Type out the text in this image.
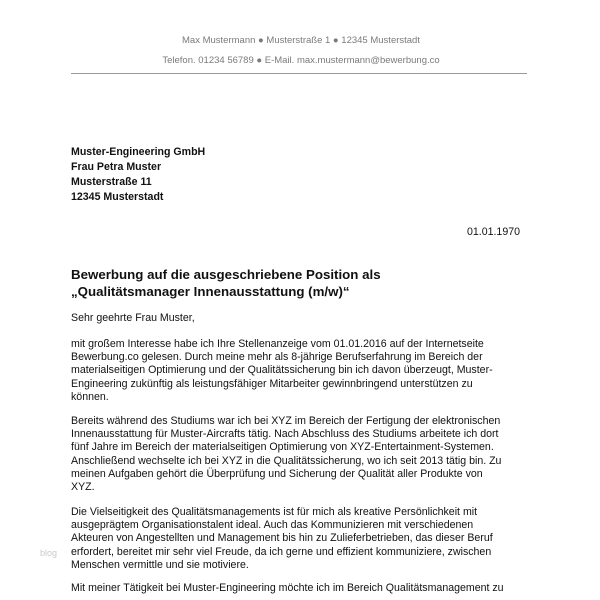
Max Mustermann ● Musterstraße 1 ● 12345 Musterstadt
Telefon. 01234 56789 ● E-Mail. max.mustermann@bewerbung.co
Muster-Engineering GmbH
Frau Petra Muster
Musterstraße 11
12345 Musterstadt
01.01.1970
Bewerbung auf die ausgeschriebene Position als
„Qualitätsmanager Innenausstattung (m/w)“
Sehr geehrte Frau Muster,
mit großem Interesse habe ich Ihre Stellenanzeige vom 01.01.2016 auf der Internetseite
Bewerbung.co gelesen. Durch meine mehr als 8-jährige Berufserfahrung im Bereich der
materialseitigen Optimierung und der Qualitätssicherung bin ich davon überzeugt, Muster-
Engineering zukünftig als leistungsfähiger Mitarbeiter gewinnbringend unterstützen zu
können.
Bereits während des Studiums war ich bei XYZ im Bereich der Fertigung der elektronischen
Innenausstattung für Muster-Aircrafts tätig. Nach Abschluss des Studiums arbeitete ich dort
fünf Jahre im Bereich der materialseitigen Optimierung von XYZ-Entertainment-Systemen.
Anschließend wechselte ich bei XYZ in die Qualitätssicherung, wo ich seit 2013 tätig bin. Zu
meinen Aufgaben gehört die Überprüfung und Sicherung der Qualität aller Produkte von
XYZ.
Die Vielseitigkeit des Qualitätsmanagements ist für mich als kreative Persönlichkeit mit
ausgeprägtem Organisationstalent ideal. Auch das Kommunizieren mit verschiedenen
Akteuren von Angestellten und Management bis hin zu Zulieferbetrieben, das dieser Beruf
erfordert, bereitet mir sehr viel Freude, da ich gerne und effizient kommuniziere, zwischen
Menschen vermittle und sie motiviere.
Mit meiner Tätigkeit bei Muster-Engineering möchte ich im Bereich Qualitätsmanagement zu
blog
